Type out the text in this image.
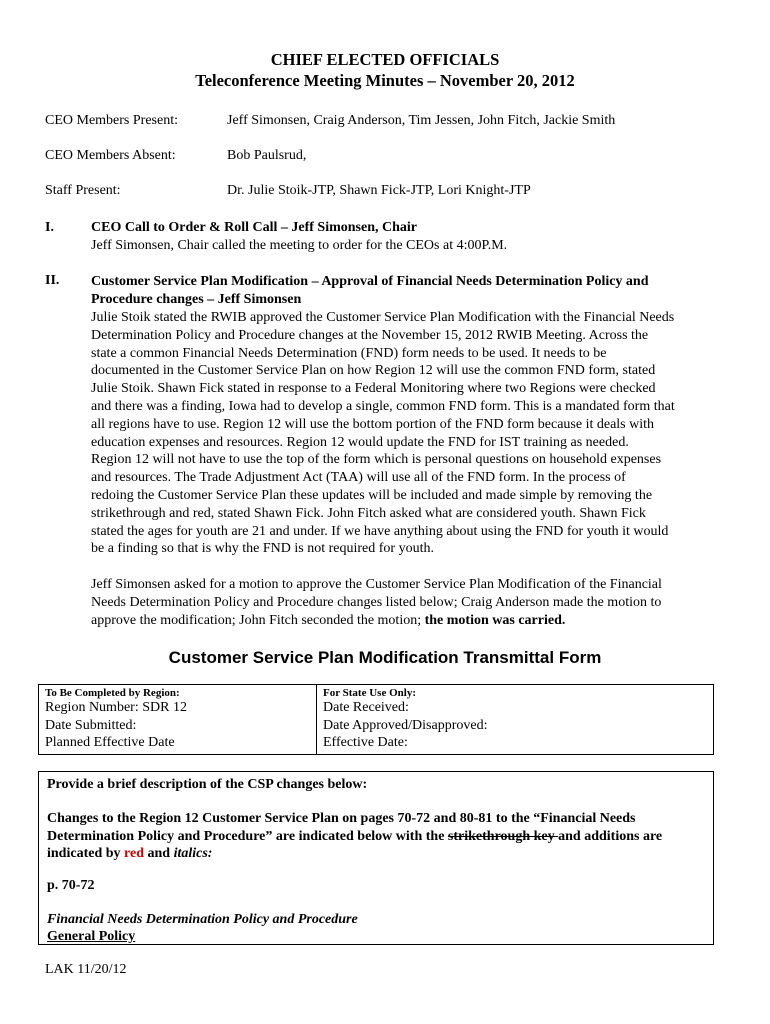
CHIEF ELECTED OFFICIALS
Teleconference Meeting Minutes – November 20, 2012
CEO Members Present:	Jeff Simonsen, Craig Anderson, Tim Jessen, John Fitch, Jackie Smith
CEO Members Absent:	Bob Paulsrud,
Staff Present:	Dr. Julie Stoik-JTP, Shawn Fick-JTP, Lori Knight-JTP
I.	CEO Call to Order & Roll Call – Jeff Simonsen, Chair
Jeff Simonsen, Chair called the meeting to order for the CEOs at 4:00P.M.
II. Customer Service Plan Modification – Approval of Financial Needs Determination Policy and
Procedure changes – Jeff Simonsen
Julie Stoik stated the RWIB approved the Customer Service Plan Modification with the Financial Needs
Determination Policy and Procedure changes at the November 15, 2012 RWIB Meeting. Across the
state a common Financial Needs Determination (FND) form needs to be used. It needs to be
documented in the Customer Service Plan on how Region 12 will use the common FND form, stated
Julie Stoik. Shawn Fick stated in response to a Federal Monitoring where two Regions were checked
and there was a finding, Iowa had to develop a single, common FND form. This is a mandated form that
all regions have to use. Region 12 will use the bottom portion of the FND form because it deals with
education expenses and resources. Region 12 would update the FND for IST training as needed.
Region 12 will not have to use the top of the form which is personal questions on household expenses
and resources. The Trade Adjustment Act (TAA) will use all of the FND form. In the process of
redoing the Customer Service Plan these updates will be included and made simple by removing the
strikethrough and red, stated Shawn Fick. John Fitch asked what are considered youth. Shawn Fick
stated the ages for youth are 21 and under. If we have anything about using the FND for youth it would
be a finding so that is why the FND is not required for youth.
Jeff Simonsen asked for a motion to approve the Customer Service Plan Modification of the Financial
Needs Determination Policy and Procedure changes listed below; Craig Anderson made the motion to
approve the modification; John Fitch seconded the motion; the motion was carried.
Customer Service Plan Modification Transmittal Form
To Be Completed by Region:
Region Number: SDR 12
Date Submitted:
Planned Effective Date
For State Use Only:
Date Received:
Date Approved/Disapproved:
Effective Date:
Provide a brief description of the CSP changes below:
Changes to the Region 12 Customer Service Plan on pages 70-72 and 80-81 to the “Financial Needs
Determination Policy and Procedure” are indicated below with the strikethrough key and additions are
indicated by red and italics:
p. 70-72
Financial Needs Determination Policy and Procedure
General Policy
LAK 11/20/12
